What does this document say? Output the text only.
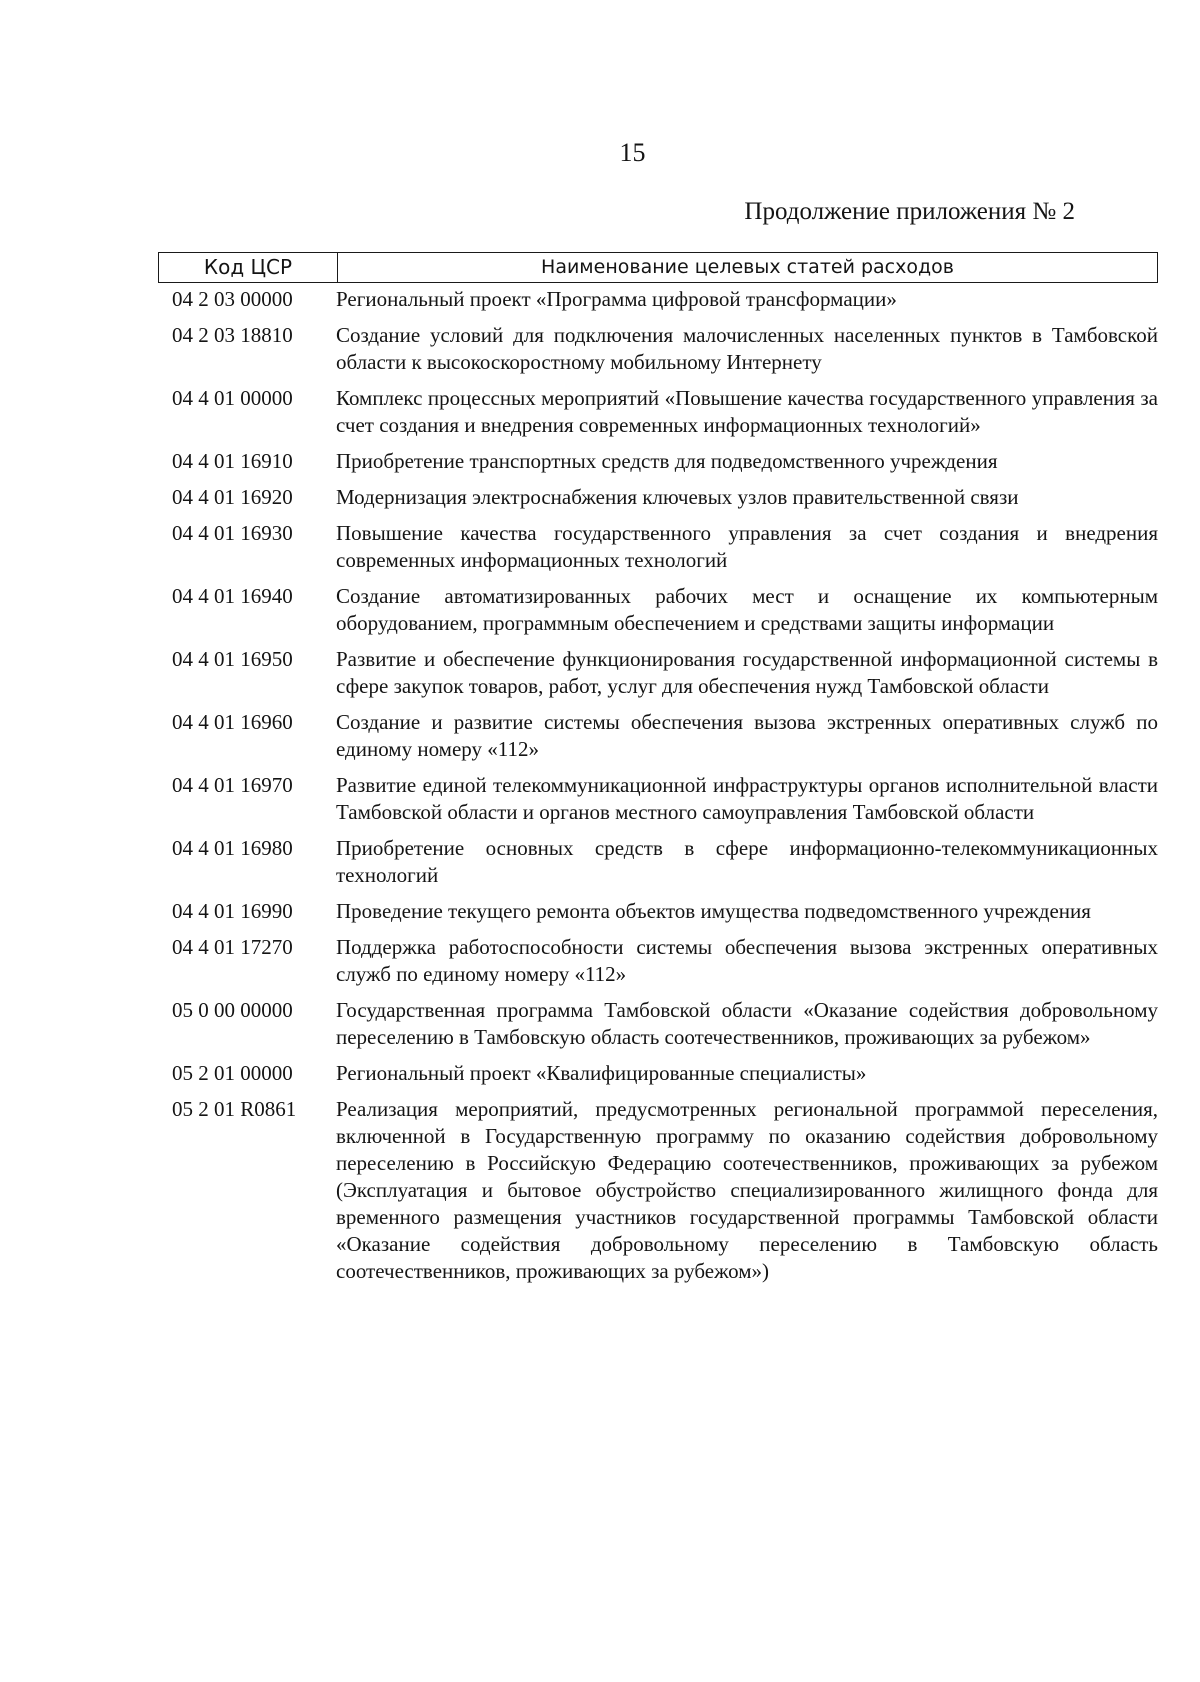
15
Продолжение приложения № 2
Код ЦСР	Наименование целевых статей расходов
04 2 03 00000	Региональный проект «Программа цифровой трансформации»
04 2 03 18810	Создание условий для подключения малочисленных населенных пунктов в Тамбовской области к высокоскоростному мобильному Интернету
04 4 01 00000	Комплекс процессных мероприятий «Повышение качества государственного управления за счет создания и внедрения современных информационных технологий»
04 4 01 16910	Приобретение транспортных средств для подведомственного учреждения
04 4 01 16920	Модернизация электроснабжения ключевых узлов правительственной связи
04 4 01 16930	Повышение качества государственного управления за счет создания и внедрения современных информационных технологий
04 4 01 16940	Создание автоматизированных рабочих мест и оснащение их компьютерным оборудованием, программным обеспечением и средствами защиты информации
04 4 01 16950	Развитие и обеспечение функционирования государственной информационной системы в сфере закупок товаров, работ, услуг для обеспечения нужд Тамбовской области
04 4 01 16960	Создание и развитие системы обеспечения вызова экстренных оперативных служб по единому номеру «112»
04 4 01 16970	Развитие единой телекоммуникационной инфраструктуры органов исполнительной власти Тамбовской области и органов местного самоуправления Тамбовской области
04 4 01 16980	Приобретение основных средств в сфере информационно-телекоммуникационных технологий
04 4 01 16990	Проведение текущего ремонта объектов имущества подведомственного учреждения
04 4 01 17270	Поддержка работоспособности системы обеспечения вызова экстренных оперативных служб по единому номеру «112»
05 0 00 00000	Государственная программа Тамбовской области «Оказание содействия добровольному переселению в Тамбовскую область соотечественников, проживающих за рубежом»
05 2 01 00000	Региональный проект «Квалифицированные специалисты»
05 2 01 R0861	Реализация мероприятий, предусмотренных региональной программой переселения, включенной в Государственную программу по оказанию содействия добровольному переселению в Российскую Федерацию соотечественников, проживающих за рубежом (Эксплуатация и бытовое обустройство специализированного жилищного фонда для временного размещения участников государственной программы Тамбовской области «Оказание содействия добровольному переселению в Тамбовскую область соотечественников, проживающих за рубежом»)
